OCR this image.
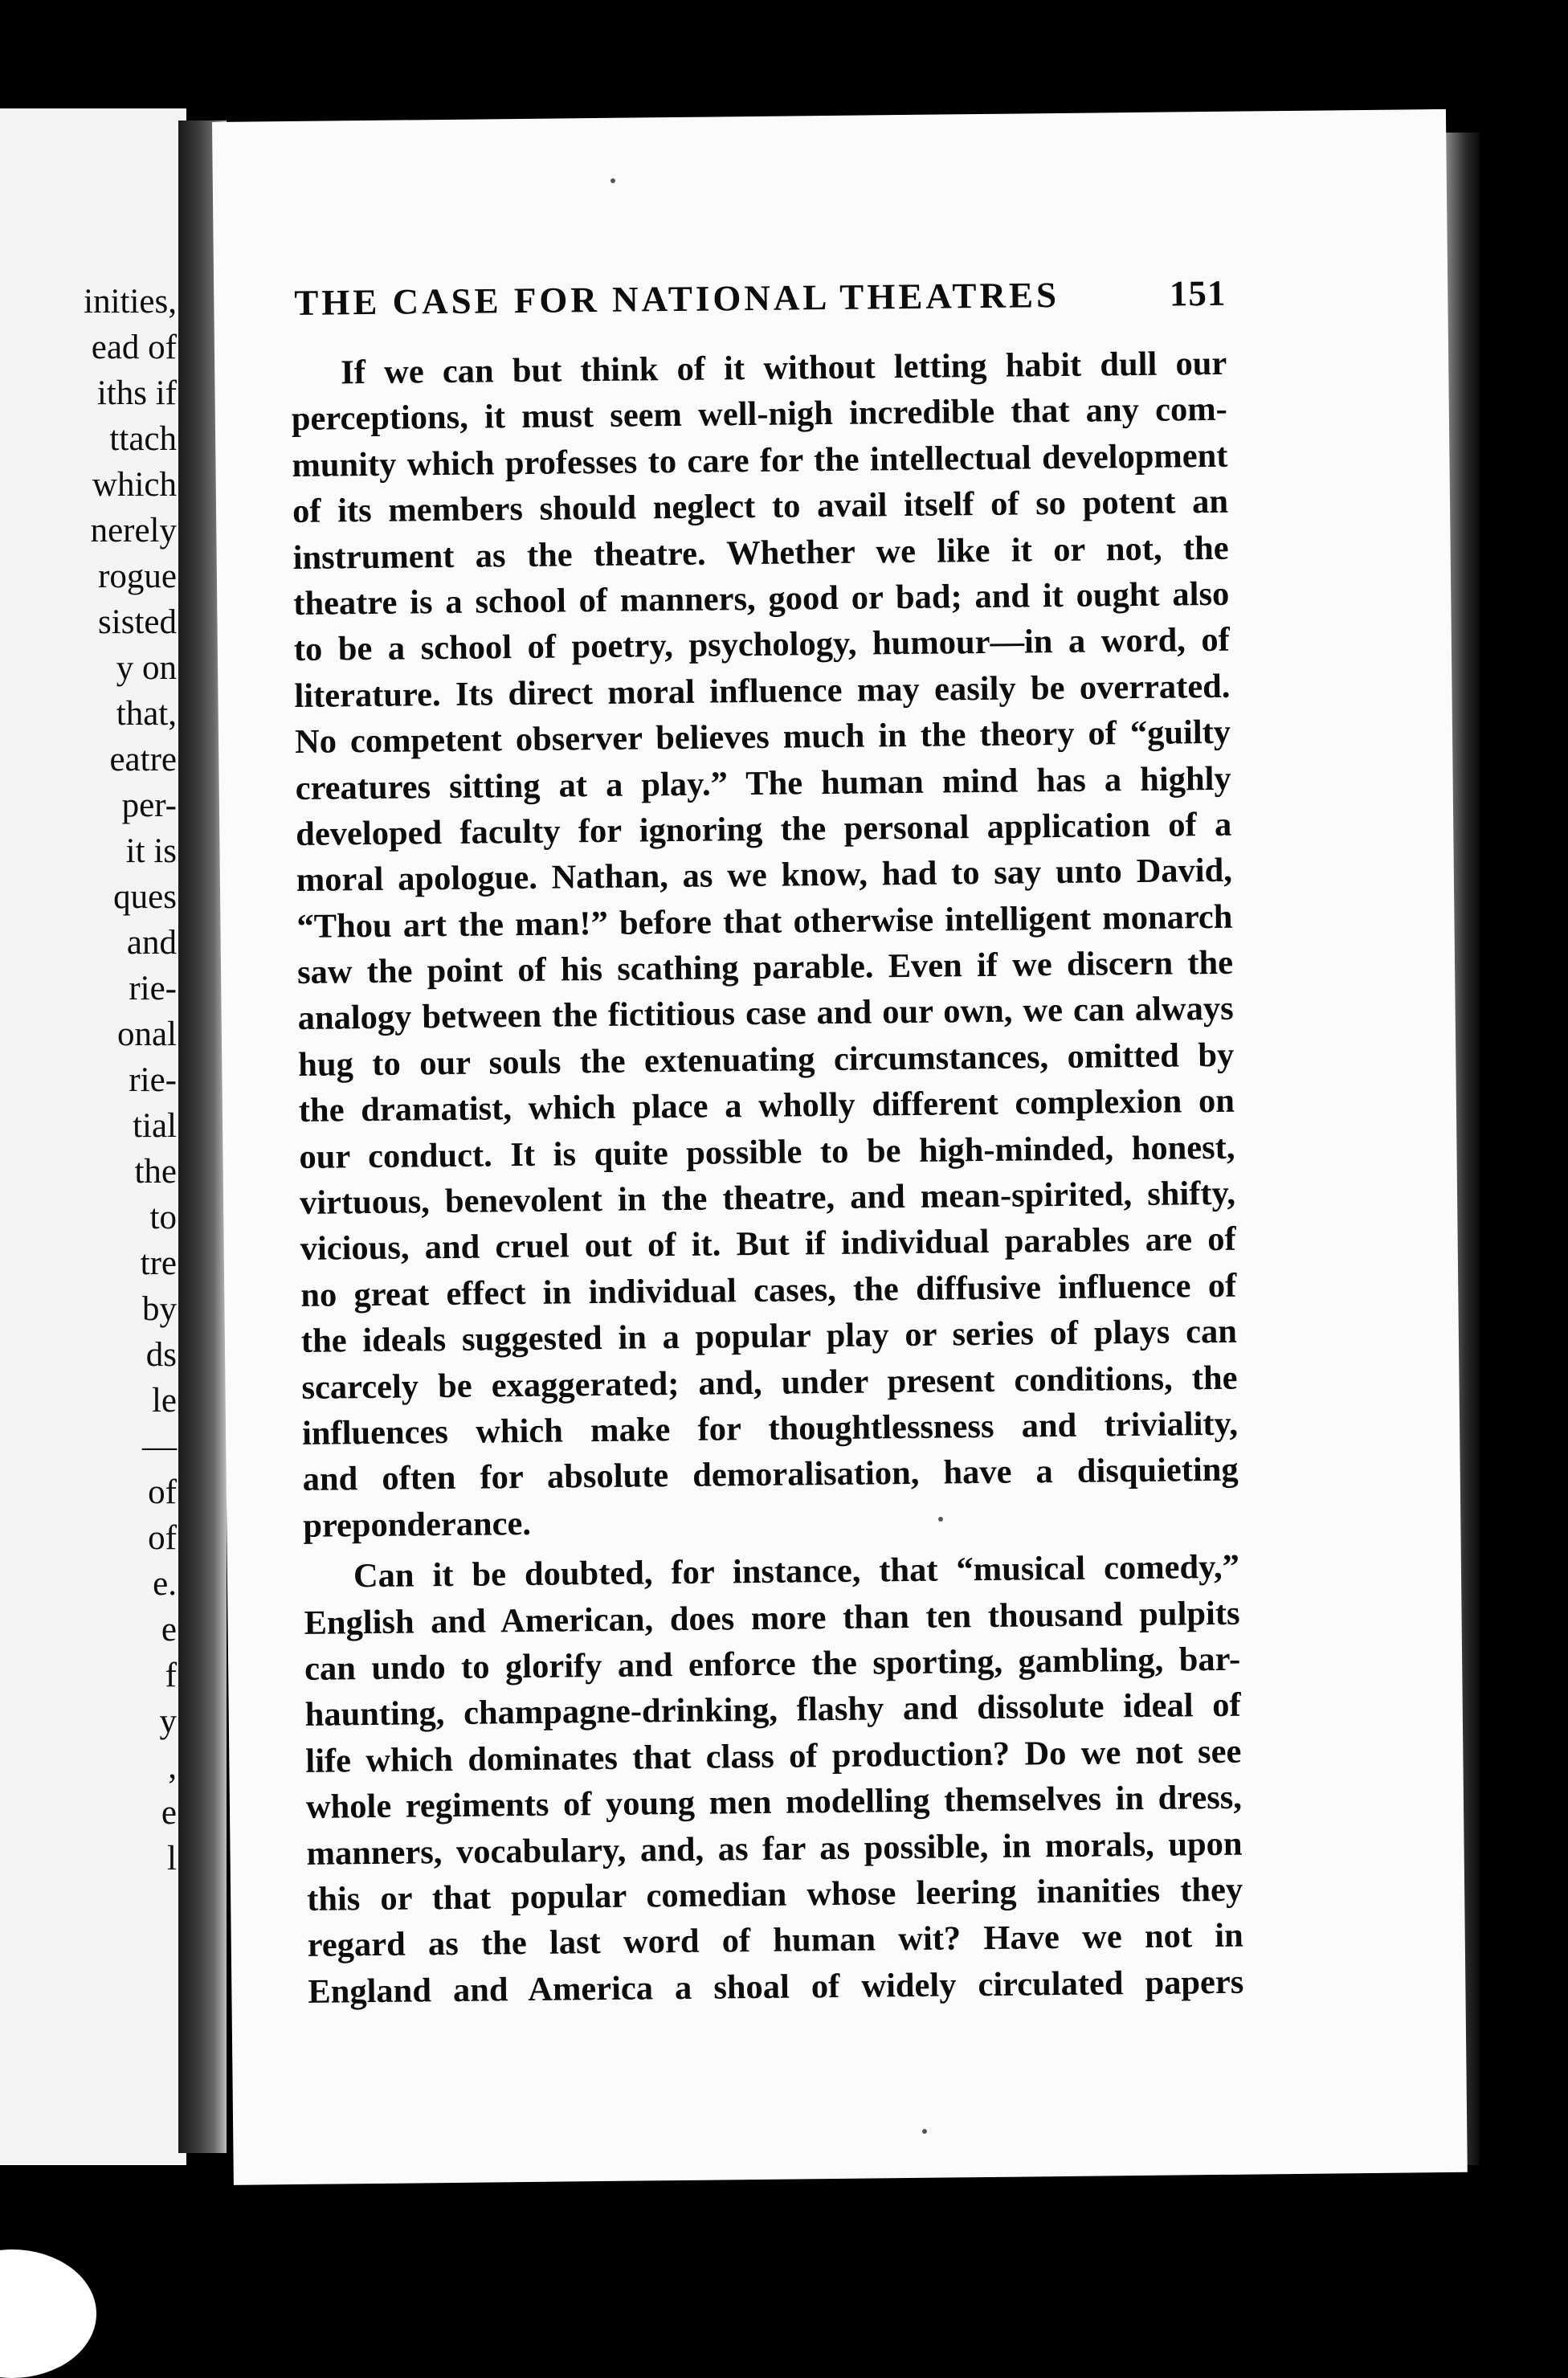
inities,
ead of
iths if
ttach
which
nerely
rogue
sisted
y on
that,
eatre
per-
it is
ques
and
rie-
onal
rie-
tial
the
to
tre
by
ds
le
—
of
of
e.
e
f
y
,
e
l
THE CASE FOR NATIONAL THEATRES	151
If we can but think of it without letting habit dull our
perceptions, it must seem well-nigh incredible that any com-
munity which professes to care for the intellectual development
of its members should neglect to avail itself of so potent an
instrument as the theatre. Whether we like it or not, the
theatre is a school of manners, good or bad; and it ought also
to be a school of poetry, psychology, humour—in a word, of
literature. Its direct moral influence may easily be overrated.
No competent observer believes much in the theory of “guilty
creatures sitting at a play.” The human mind has a highly
developed faculty for ignoring the personal application of a
moral apologue. Nathan, as we know, had to say unto David,
“Thou art the man!” before that otherwise intelligent monarch
saw the point of his scathing parable. Even if we discern the
analogy between the fictitious case and our own, we can always
hug to our souls the extenuating circumstances, omitted by
the dramatist, which place a wholly different complexion on
our conduct. It is quite possible to be high-minded, honest,
virtuous, benevolent in the theatre, and mean-spirited, shifty,
vicious, and cruel out of it. But if individual parables are of
no great effect in individual cases, the diffusive influence of
the ideals suggested in a popular play or series of plays can
scarcely be exaggerated; and, under present conditions, the
influences which make for thoughtlessness and triviality,
and often for absolute demoralisation, have a disquieting
preponderance.
Can it be doubted, for instance, that “musical comedy,”
English and American, does more than ten thousand pulpits
can undo to glorify and enforce the sporting, gambling, bar-
haunting, champagne-drinking, flashy and dissolute ideal of
life which dominates that class of production? Do we not see
whole regiments of young men modelling themselves in dress,
manners, vocabulary, and, as far as possible, in morals, upon
this or that popular comedian whose leering inanities they
regard as the last word of human wit? Have we not in
England and America a shoal of widely circulated papers
